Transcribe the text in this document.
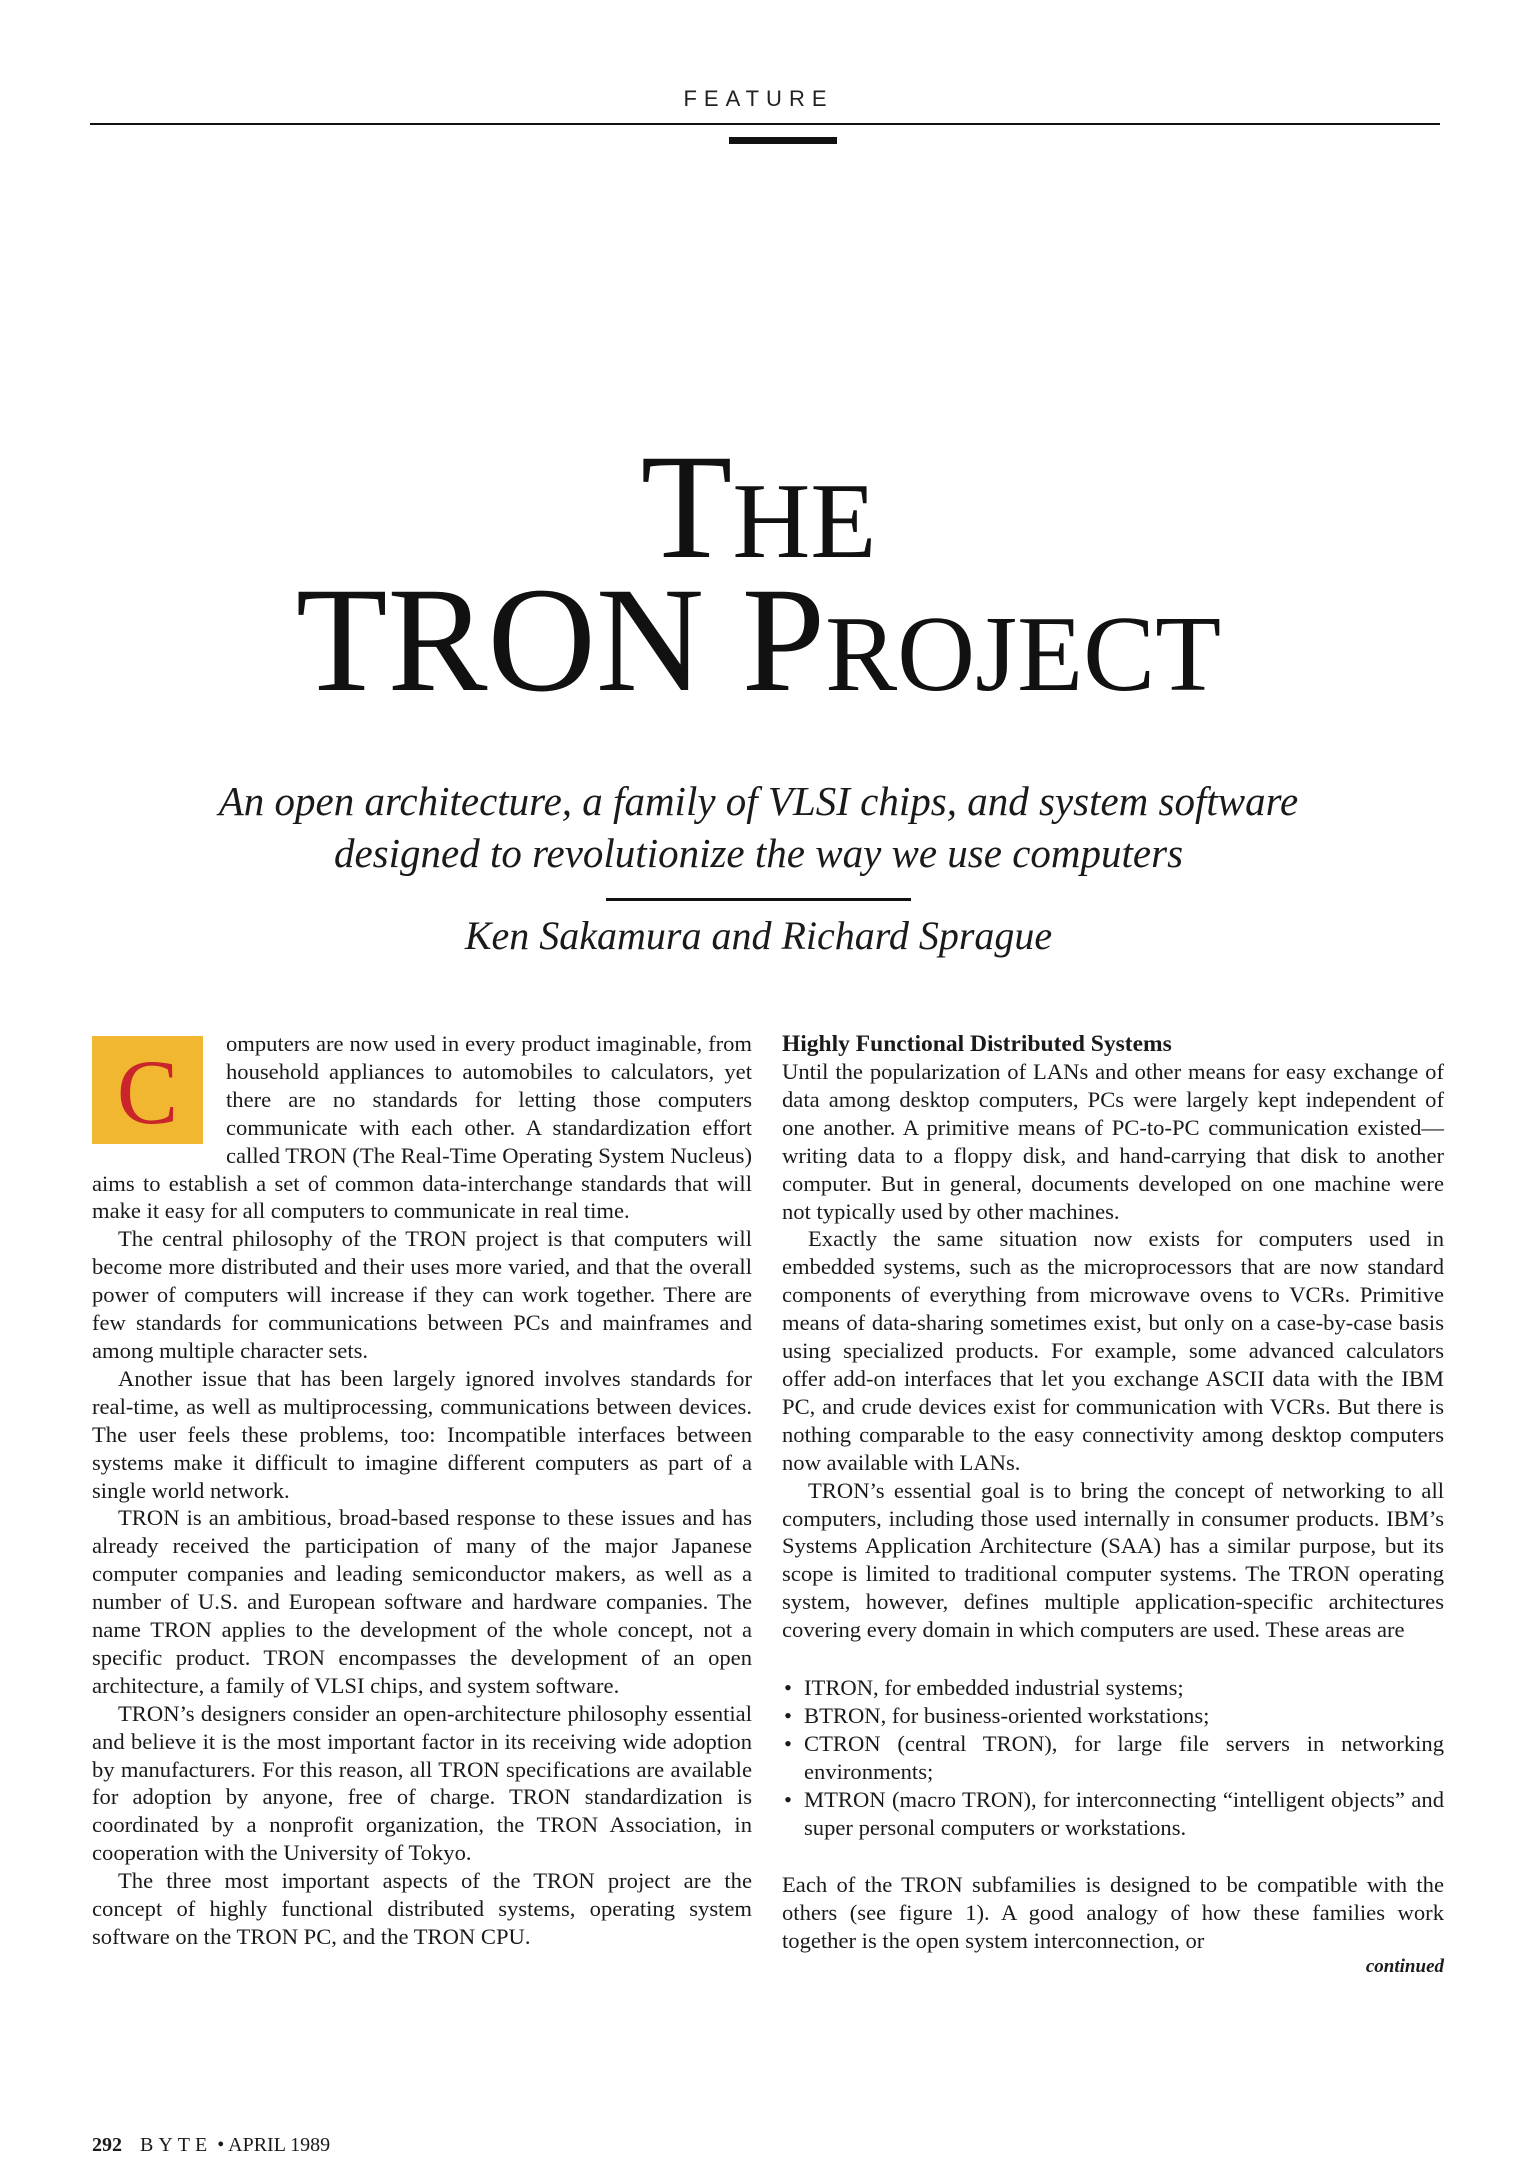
FEATURE
THE
TRON PROJECT
An open architecture, a family of VLSI chips, and system software
designed to revolutionize the way we use computers
Ken Sakamura and Richard Sprague
C	omputers are now used in every product imaginable, from household appliances to automobiles to calculators, yet there are no standards for letting those computers communicate with each other. A standardization effort called TRON (The Real-Time Operating System Nucleus) aims to establish a set of common data-interchange standards that will make it easy for all computers to communicate in real time.

The central philosophy of the TRON project is that computers will become more distributed and their uses more varied, and that the overall power of computers will increase if they can work together. There are few standards for communications between PCs and mainframes and among multiple character sets.

Another issue that has been largely ignored involves standards for real-time, as well as multiprocessing, communications between devices. The user feels these problems, too: Incompatible interfaces between systems make it difficult to imagine different computers as part of a single world network.

TRON is an ambitious, broad-based response to these issues and has already received the participation of many of the major Japanese computer companies and leading semiconductor makers, as well as a number of U.S. and European software and hardware companies. The name TRON applies to the development of the whole concept, not a specific product. TRON encompasses the development of an open architecture, a family of VLSI chips, and system software.

TRON’s designers consider an open-architecture philosophy essential and believe it is the most important factor in its receiving wide adoption by manufacturers. For this reason, all TRON specifications are available for adoption by anyone, free of charge. TRON standardization is coordinated by a nonprofit organization, the TRON Association, in cooperation with the University of Tokyo.

The three most important aspects of the TRON project are the concept of highly functional distributed systems, operating system software on the TRON PC, and the TRON CPU.

Highly Functional Distributed Systems

Until the popularization of LANs and other means for easy exchange of data among desktop computers, PCs were largely kept independent of one another. A primitive means of PC-to-PC communication existed—writing data to a floppy disk, and hand-carrying that disk to another computer. But in general, documents developed on one machine were not typically used by other machines.

Exactly the same situation now exists for computers used in embedded systems, such as the microprocessors that are now standard components of everything from microwave ovens to VCRs. Primitive means of data-sharing sometimes exist, but only on a case-by-case basis using specialized products. For example, some advanced calculators offer add-on interfaces that let you exchange ASCII data with the IBM PC, and crude devices exist for communication with VCRs. But there is nothing comparable to the easy connectivity among desktop computers now available with LANs.

TRON’s essential goal is to bring the concept of networking to all computers, including those used internally in consumer products. IBM’s Systems Application Architecture (SAA) has a similar purpose, but its scope is limited to traditional computer systems. The TRON operating system, however, defines multiple application-specific architectures covering every domain in which computers are used. These areas are

• ITRON, for embedded industrial systems;
• BTRON, for business-oriented workstations;
• CTRON (central TRON), for large file servers in networking environments;
• MTRON (macro TRON), for interconnecting “intelligent objects” and super personal computers or workstations.

Each of the TRON subfamilies is designed to be compatible with the others (see figure 1). A good analogy of how these families work together is the open system interconnection, or

continued
292 BYTE • APRIL 1989
